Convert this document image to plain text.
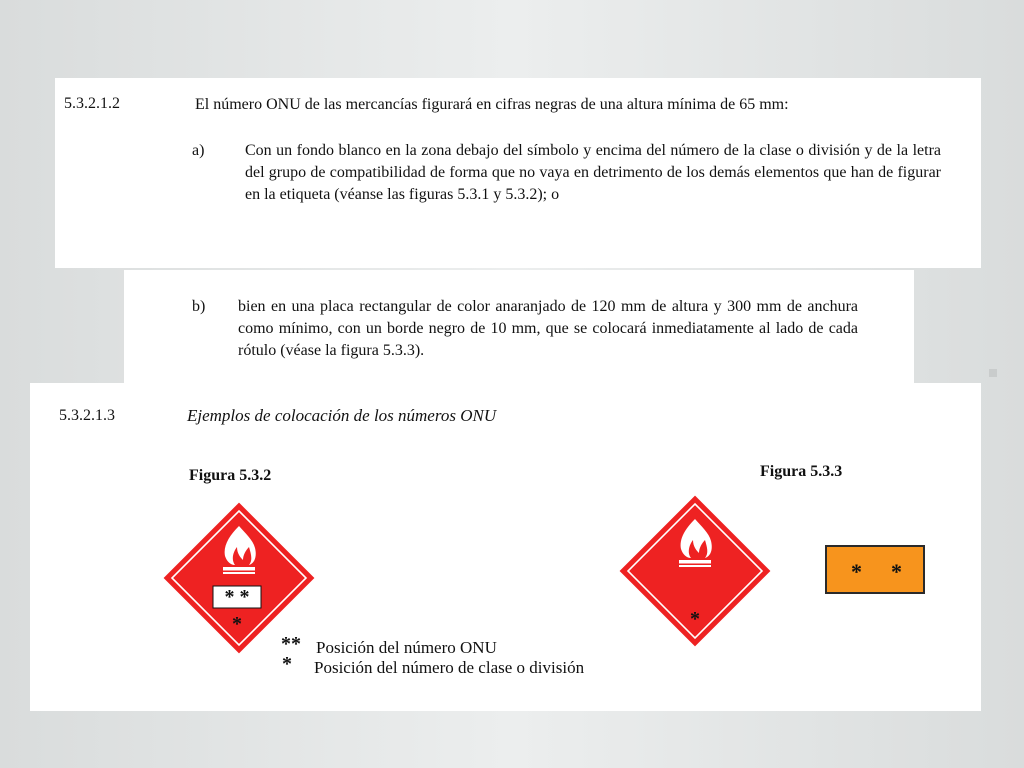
5.3.2.1.2	El número ONU de las mercancías figurará en cifras negras de una altura mínima de 65 mm:
a)	Con un fondo blanco en la zona debajo del símbolo y encima del número de la clase o división y de la letra del grupo de compatibilidad de forma que no vaya en detrimento de los demás elementos que han de figurar en la etiqueta (véanse las figuras 5.3.1 y 5.3.2); o
b) bien en una placa rectangular de color anaranjado de 120 mm de altura y 300 mm de anchura como mínimo, con un borde negro de 10 mm, que se colocará inmediatamente al lado de cada rótulo (véase la figura 5.3.3).
5.3.2.1.3	Ejemplos de colocación de los números ONU
Figura 5.3.2	Figura 5.3.3
* *
*	*
* *
** Posición del número ONU
* Posición del número de clase o división
